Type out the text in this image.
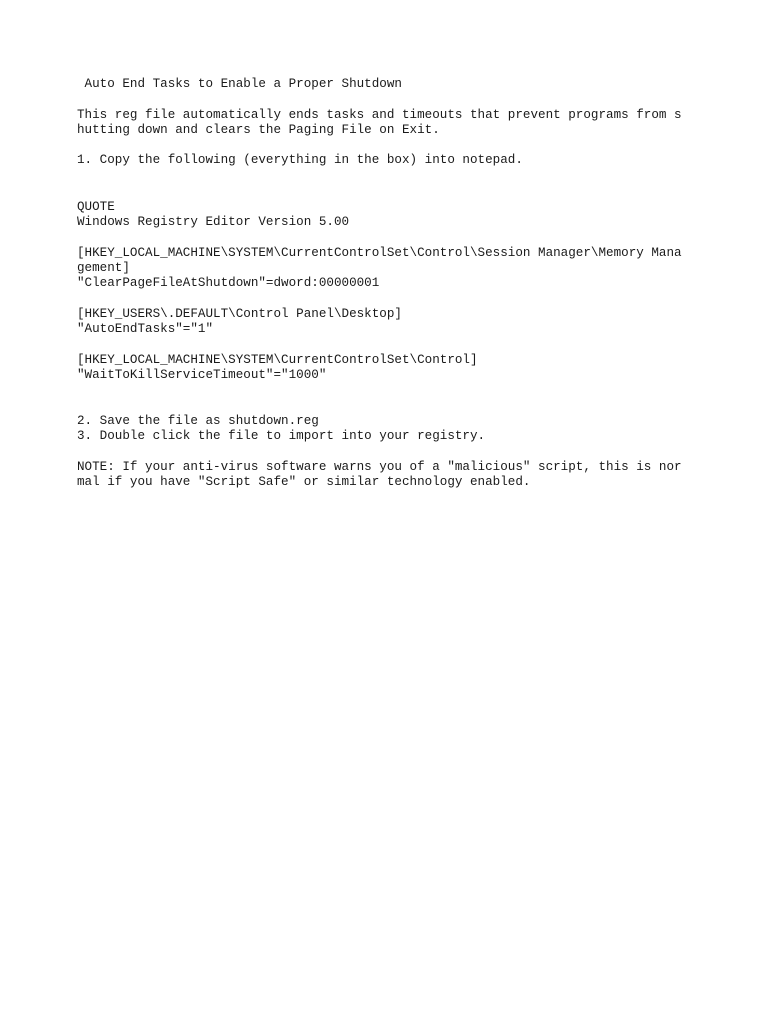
Auto End Tasks to Enable a Proper Shutdown

This reg file automatically ends tasks and timeouts that prevent programs from s

hutting down and clears the Paging File on Exit.

1. Copy the following (everything in the box) into notepad.

QUOTE

Windows Registry Editor Version 5.00

[HKEY_LOCAL_MACHINE\SYSTEM\CurrentControlSet\Control\Session Manager\Memory Mana

gement]

"ClearPageFileAtShutdown"=dword:00000001

[HKEY_USERS\.DEFAULT\Control Panel\Desktop]

"AutoEndTasks"="1"

[HKEY_LOCAL_MACHINE\SYSTEM\CurrentControlSet\Control]

"WaitToKillServiceTimeout"="1000"

2. Save the file as shutdown.reg

3. Double click the file to import into your registry.

NOTE: If your anti-virus software warns you of a "malicious" script, this is nor

mal if you have "Script Safe" or similar technology enabled.
